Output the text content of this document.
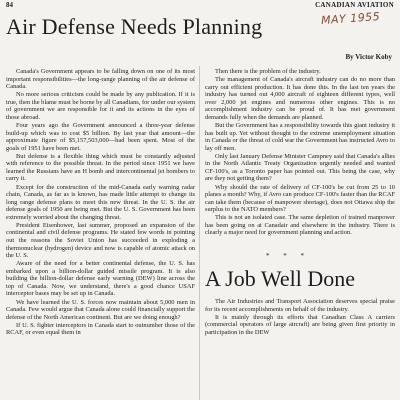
84	CANADIAN AVIATION
MAY 1955
Air Defense Needs Planning
By Victor Koby

Canada's Government appears to be falling down on one of its most important responsibilities—the long-range planning of the air defense of Canada.

No more serious criticism could be made by any publication. If it is true, then the blame must be borne by all Canadians, for under our system of government we are responsible for it and its actions in the eyes of those abroad.

Four years ago the Government announced a three-year defense build-up which was to cost $5 billion. By last year that amount—the approximate figure of $5,157,503,000—had been spent. Most of the goals of 1951 have been met.

But defense is a flexible thing which must be constantly adjusted with reference to the possible threat. In the period since 1951 we have learned the Russians have an H bomb and intercontinental jet bombers to carry it.

Except for the construction of the mid-Canada early warning radar chain, Canada, as far as is known, has made little attempt to change its long range defense plans to meet this new threat. In the U. S. the air defense goals of 1950 are being met. But the U. S. Government has been extremely worried about the changing threat.

President Eisenhower, last summer, proposed an expansion of the continental and civil defense programs. He stated few words in pointing out the reasons the Soviet Union has succeeded in exploding a thermonuclear (hydrogen) device and now is capable of atomic attack on the U. S.

Aware of the need for a better continental defense, the U. S. has embarked upon a billion-dollar guided missile program. It is also building the billion-dollar defense early warning (DEW) line across the top of Canada. Now, we understand, there's a good chance USAF interceptor bases may be set up in Canada.

We have learned the U. S. forces now maintain about 5,000 men in Canada. Few would argue that Canada alone could financially support the defense of the North American continent. But are we doing enough?

If U. S. fighter interceptors in Canada start to outnumber those of the RCAF, or even equal them in

Then there is the problem of the industry.

The management of Canada's aircraft industry can do no more than carry out efficient production. It has done this. In the last ten years the industry has turned out 4,000 aircraft of eighteen different types, well over 2,000 jet engines and numerous other engines. This is no accomplishment industry can be proud of. It has met government demands fully when the demands are planned.

But the Government has a responsibility towards this giant industry it has built up. Yet without thought to the extreme unemployment situation in Canada or the threat of cold war the Government has instructed Avro to lay off men.

Only last January Defense Minister Campney said that Canada's allies in the North Atlantic Treaty Organization urgently needed and wanted CF-100's, as a Toronto paper has pointed out. This being the case, why are they not getting them?

Why should the rate of delivery of CF-100's be cut from 25 to 10 planes a month? Why, if Avro can produce CF-100's faster than the RCAF can take them (because of manpower shortage), does not Ottawa ship the surplus to the NATO members?

This is not an isolated case. The same depletion of trained manpower has been going on at Canadair and elsewhere in the industry. There is clearly a major need for government planning and action.

* * *
A Job Well Done

The Air Industries and Transport Association deserves special praise for its recent accomplishments on behalf of the industry.

It is mainly through its efforts that Canadian Class A carriers (commercial operators of large aircraft) are being given first priority in participation in the DEW
